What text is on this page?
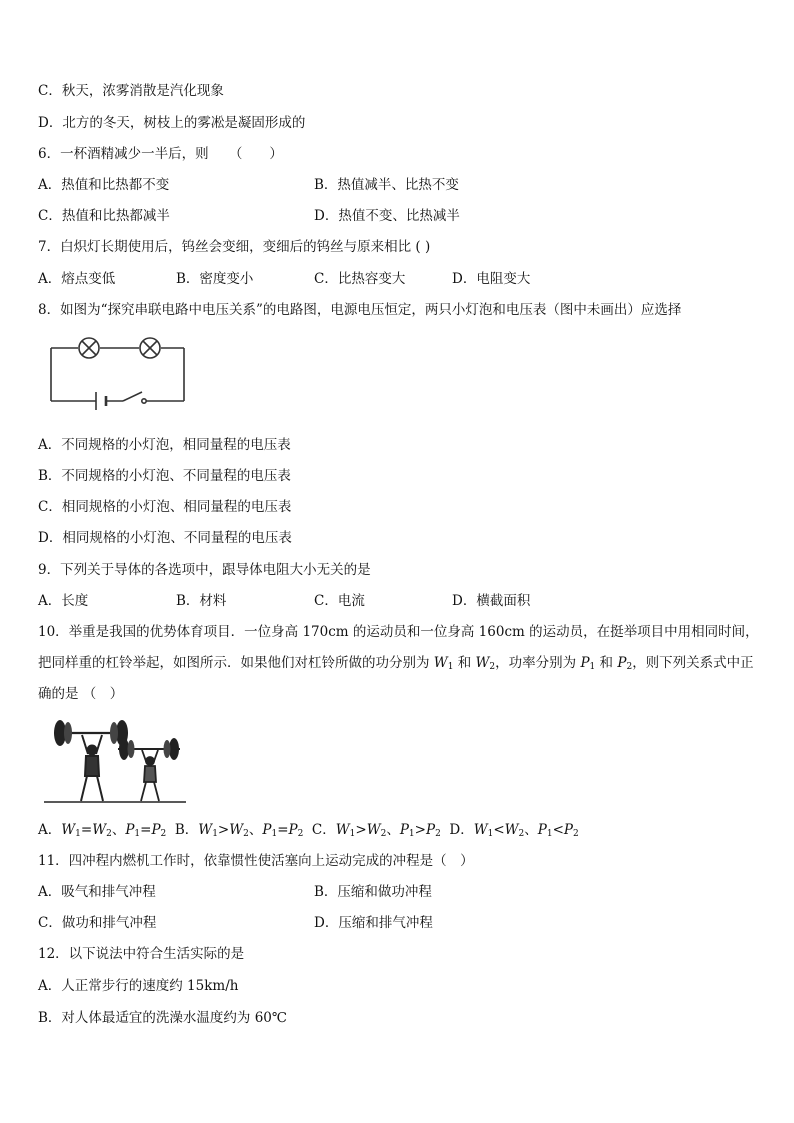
C．秋天，浓雾消散是汽化现象
D．北方的冬天，树枝上的雾凇是凝固形成的
6．一杯酒精减少一半后，则　　（　　）
A．热值和比热都不变	B．热值减半、比热不变
C．热值和比热都减半	D．热值不变、比热减半
7．白炽灯长期使用后，钨丝会变细，变细后的钨丝与原来相比 ( )
A．熔点变低	B．密度变小	C．比热容变大	D．电阻变大
8．如图为“探究串联电路中电压关系”的电路图，电源电压恒定，两只小灯泡和电压表（图中未画出）应选择
A．不同规格的小灯泡，相同量程的电压表
B．不同规格的小灯泡、不同量程的电压表
C．相同规格的小灯泡、相同量程的电压表
D．相同规格的小灯泡、不同量程的电压表
9．下列关于导体的各选项中，跟导体电阻大小无关的是
A．长度	B．材料	C．电流	D．横截面积
10．举重是我国的优势体育项目．一位身高 170cm 的运动员和一位身高 160cm 的运动员，在挺举项目中用相同时间，
把同样重的杠铃举起，如图所示．如果他们对杠铃所做的功分别为 $W_1$ 和 $W_2$，功率分别为 $P_1$ 和 $P_2$，则下列关系式中正
确的是 （　）
A．$W_1=W_2$、$P_1=P_2$ B．$W_1>W_2$、$P_1=P_2$ C．$W_1>W_2$、$P_1>P_2$ D．$W_1<W_2$、$P_1<P_2$
11．四冲程内燃机工作时，依靠惯性使活塞向上运动完成的冲程是（　）
A．吸气和排气冲程	B．压缩和做功冲程
C．做功和排气冲程	D．压缩和排气冲程
12．以下说法中符合生活实际的是
A．人正常步行的速度约 15km/h
B．对人体最适宜的洗澡水温度约为 60℃
